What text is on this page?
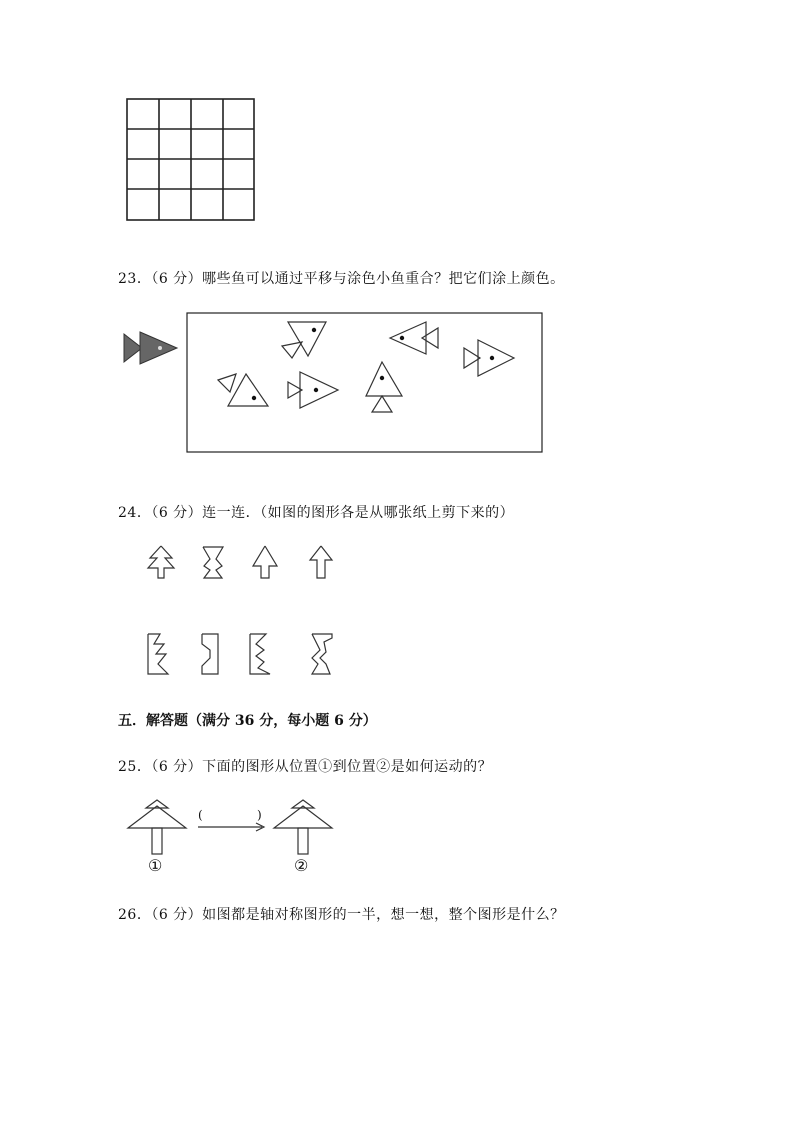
23．（6 分）哪些鱼可以通过平移与涂色小鱼重合？把它们涂上颜色。
24．（6 分）连一连．（如图的图形各是从哪张纸上剪下来的）
五．解答题（满分 36 分，每小题 6 分）
25．（6 分）下面的图形从位置①到位置②是如何运动的？
①
(	)
②
26．（6 分）如图都是轴对称图形的一半，想一想，整个图形是什么？
